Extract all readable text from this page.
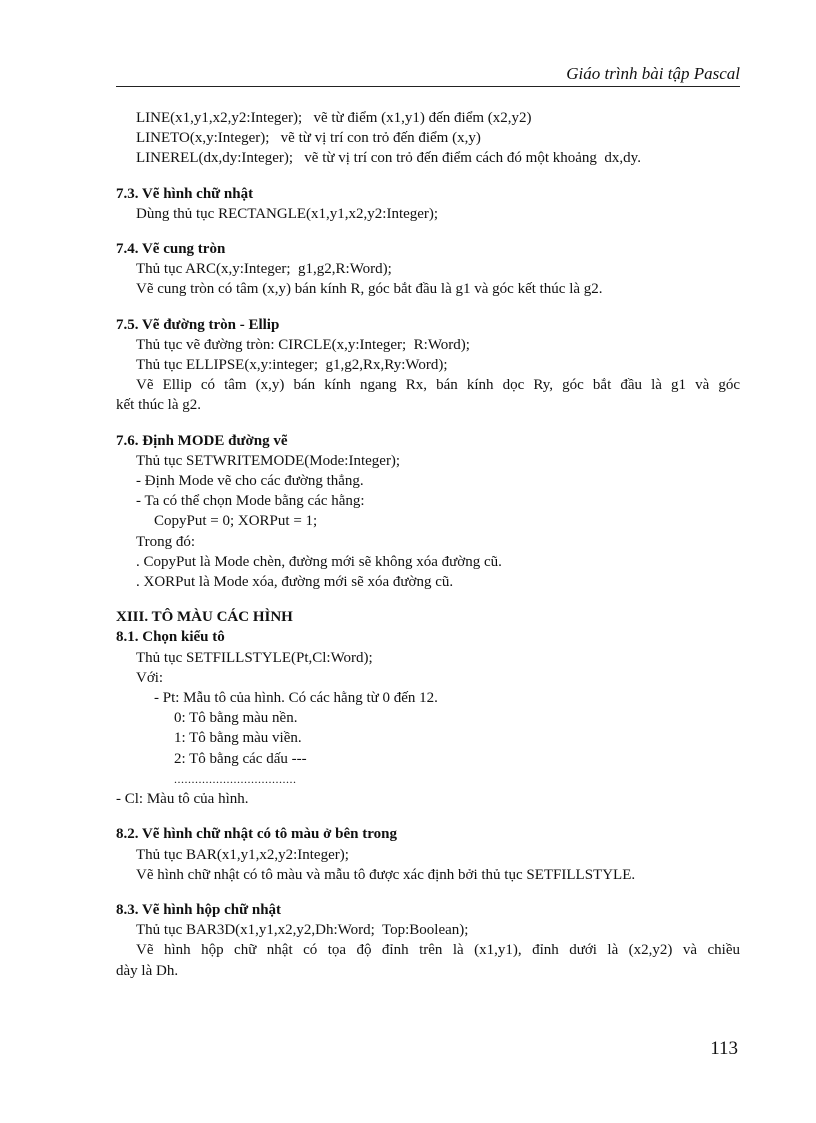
Giáo trình bài tập Pascal
LINE(x1,y1,x2,y2:Integer);   vẽ từ điểm (x1,y1) đến điểm (x2,y2)
LINETO(x,y:Integer);   vẽ từ vị trí con trỏ đến điểm (x,y)
LINEREL(dx,dy:Integer);   vẽ từ vị trí con trỏ đến điểm cách đó một khoảng  dx,dy.
7.3. Vẽ hình chữ nhật
Dùng thủ tục RECTANGLE(x1,y1,x2,y2:Integer);
7.4. Vẽ cung tròn
Thủ tục ARC(x,y:Integer;  g1,g2,R:Word);
Vẽ cung tròn có tâm (x,y) bán kính R, góc bắt đầu là g1 và góc kết thúc là g2.
7.5. Vẽ đường tròn - Ellip
Thủ tục vẽ đường tròn: CIRCLE(x,y:Integer;  R:Word);
Thủ tục ELLIPSE(x,y:integer;  g1,g2,Rx,Ry:Word);
Vẽ Ellip có tâm (x,y) bán kính ngang Rx, bán kính dọc Ry, góc bắt đầu là g1 và góc
kết thúc là g2.
7.6. Định MODE đường vẽ
Thủ tục SETWRITEMODE(Mode:Integer);
- Định Mode vẽ cho các đường thẳng.
- Ta có thể chọn Mode bằng các hằng:
CopyPut = 0; XORPut = 1;
Trong đó:
. CopyPut là Mode chèn, đường mới sẽ không xóa đường cũ.
. XORPut là Mode xóa, đường mới sẽ xóa đường cũ.
XIII. TÔ MÀU CÁC HÌNH
8.1. Chọn kiểu tô
Thủ tục SETFILLSTYLE(Pt,Cl:Word);
Với:
- Pt: Mẫu tô của hình. Có các hằng từ 0 đến 12.
0: Tô bằng màu nền.
1: Tô bằng màu viền.
2: Tô bằng các dấu ---
...................................
- Cl: Màu tô của hình.
8.2. Vẽ hình chữ nhật có tô màu ở bên trong
Thủ tục BAR(x1,y1,x2,y2:Integer);
Vẽ hình chữ nhật có tô màu và mẫu tô được xác định bởi thủ tục SETFILLSTYLE.
8.3. Vẽ hình hộp chữ nhật
Thủ tục BAR3D(x1,y1,x2,y2,Dh:Word;  Top:Boolean);
Vẽ hình hộp chữ nhật có tọa độ đỉnh trên là (x1,y1), đỉnh dưới là (x2,y2) và chiều
dày là Dh.
113
